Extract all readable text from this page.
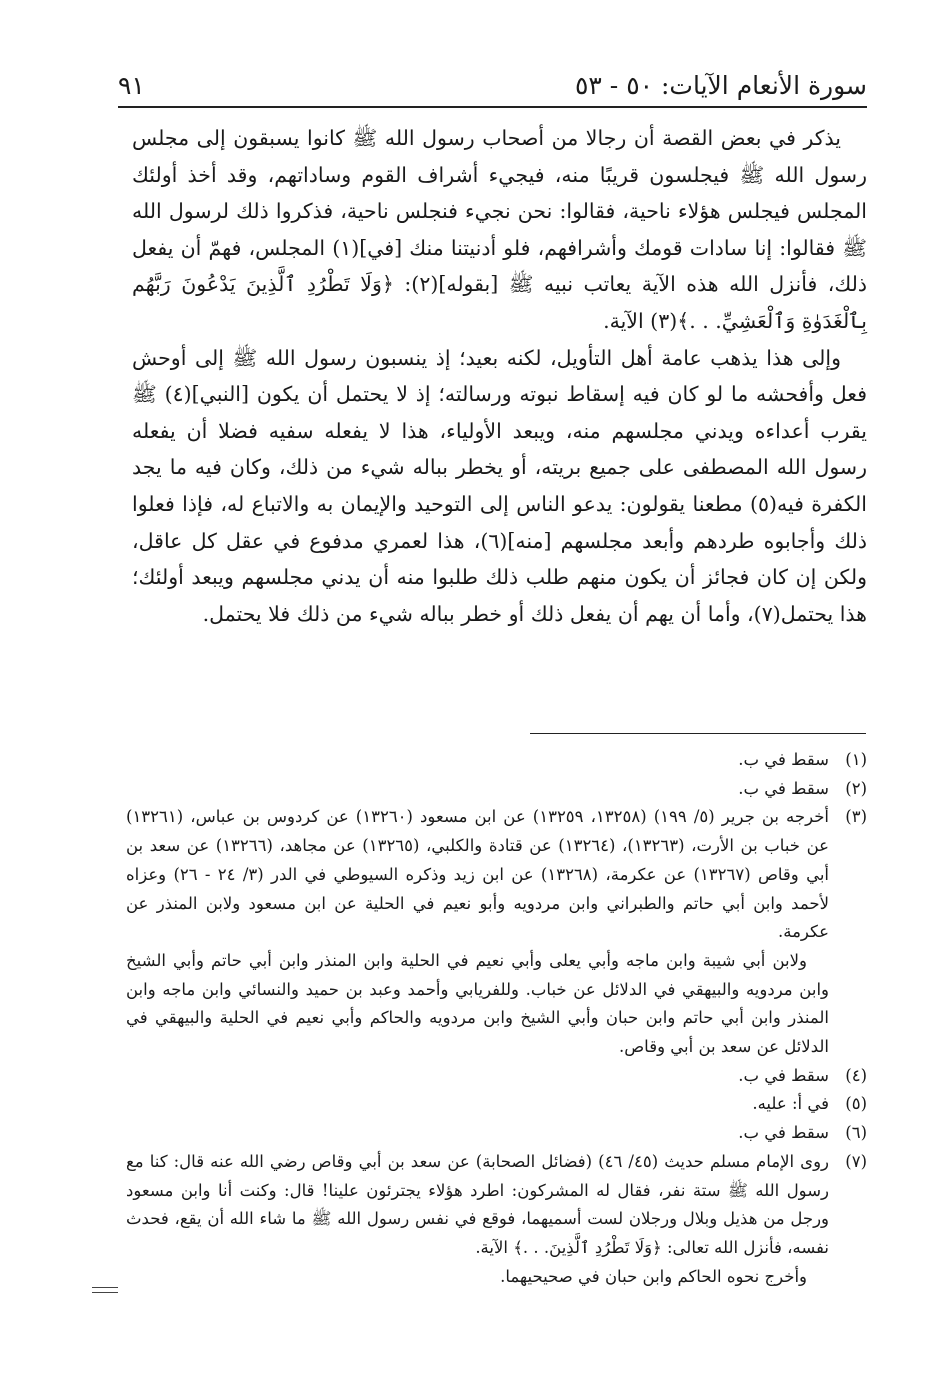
سورة الأنعام الآيات: ٥٠ - ٥٣
٩١

يذكر في بعض القصة أن رجالا من أصحاب رسول الله ﷺ كانوا يسبقون إلى مجلس رسول الله ﷺ فيجلسون قريبًا منه، فيجيء أشراف القوم وساداتهم، وقد أخذ أولئك المجلس فيجلس هؤلاء ناحية، فقالوا: نحن نجيء فنجلس ناحية، فذكروا ذلك لرسول الله ﷺ فقالوا: إنا سادات قومك وأشرافهم، فلو أدنيتنا منك [في](١) المجلس، فهمّ أن يفعل ذلك، فأنزل الله هذه الآية يعاتب نبيه ﷺ [بقوله](٢): ﴿وَلَا تَطْرُدِ ٱلَّذِينَ يَدْعُونَ رَبَّهُم بِٱلْغَدَوٰةِ وَٱلْعَشِيِّ. . .﴾(٣) الآية.

وإلى هذا يذهب عامة أهل التأويل، لكنه بعيد؛ إذ ينسبون رسول الله ﷺ إلى أوحش فعل وأفحشه ما لو كان فيه إسقاط نبوته ورسالته؛ إذ لا يحتمل أن يكون [النبي](٤) ﷺ يقرب أعداءه ويدني مجلسهم منه، ويبعد الأولياء، هذا لا يفعله سفيه فضلا أن يفعله رسول الله المصطفى على جميع بريته، أو يخطر بباله شيء من ذلك، وكان فيه ما يجد الكفرة فيه(٥) مطعنا يقولون: يدعو الناس إلى التوحيد والإيمان به والاتباع له، فإذا فعلوا ذلك وأجابوه طردهم وأبعد مجلسهم [منه](٦)، هذا لعمري مدفوع في عقل كل عاقل، ولكن إن كان فجائز أن يكون منهم طلب ذلك طلبوا منه أن يدني مجلسهم ويبعد أولئك؛ هذا يحتمل(٧)، وأما أن يهم أن يفعل ذلك أو خطر بباله شيء من ذلك فلا يحتمل.

(١)

سقط في ب.

(٢)

سقط في ب.

(٣)

أخرجه بن جرير (٥/ ١٩٩) (١٣٢٥٨، ١٣٢٥٩) عن ابن مسعود (١٣٢٦٠) عن كردوس بن عباس، (١٣٢٦١) عن خباب بن الأرت، (١٣٢٦٣)، (١٣٢٦٤) عن قتادة والكلبي، (١٣٢٦٥) عن مجاهد، (١٣٢٦٦) عن سعد بن أبي وقاص (١٣٢٦٧) عن عكرمة، (١٣٢٦٨) عن ابن زيد وذكره السيوطي في الدر (٣/ ٢٤ - ٢٦) وعزاه لأحمد وابن أبي حاتم والطبراني وابن مردويه وأبو نعيم في الحلية عن ابن مسعود ولابن المنذر عن عكرمة.

ولابن أبي شيبة وابن ماجه وأبي يعلى وأبي نعيم في الحلية وابن المنذر وابن أبي حاتم وأبي الشيخ وابن مردويه والبيهقي في الدلائل عن خباب. وللفريابي وأحمد وعبد بن حميد والنسائي وابن ماجه وابن المنذر وابن أبي حاتم وابن حبان وأبي الشيخ وابن مردويه والحاكم وأبي نعيم في الحلية والبيهقي في الدلائل عن سعد بن أبي وقاص.

(٤)

سقط في ب.

(٥)

في أ: عليه.

(٦)

سقط في ب.

(٧)

روى الإمام مسلم حديث (٤٥/ ٤٦) (فضائل الصحابة) عن سعد بن أبي وقاص رضي الله عنه قال: كنا مع رسول الله ﷺ ستة نفر، فقال له المشركون: اطرد هؤلاء يجترئون علينا! قال: وكنت أنا وابن مسعود ورجل من هذيل وبلال ورجلان لست أسميهما، فوقع في نفس رسول الله ﷺ ما شاء الله أن يقع، فحدث نفسه، فأنزل الله تعالى: ﴿وَلَا تَطْرُدِ ٱلَّذِينَ. . .﴾ الآية.

وأخرج نحوه الحاكم وابن حبان في صحيحيهما.
